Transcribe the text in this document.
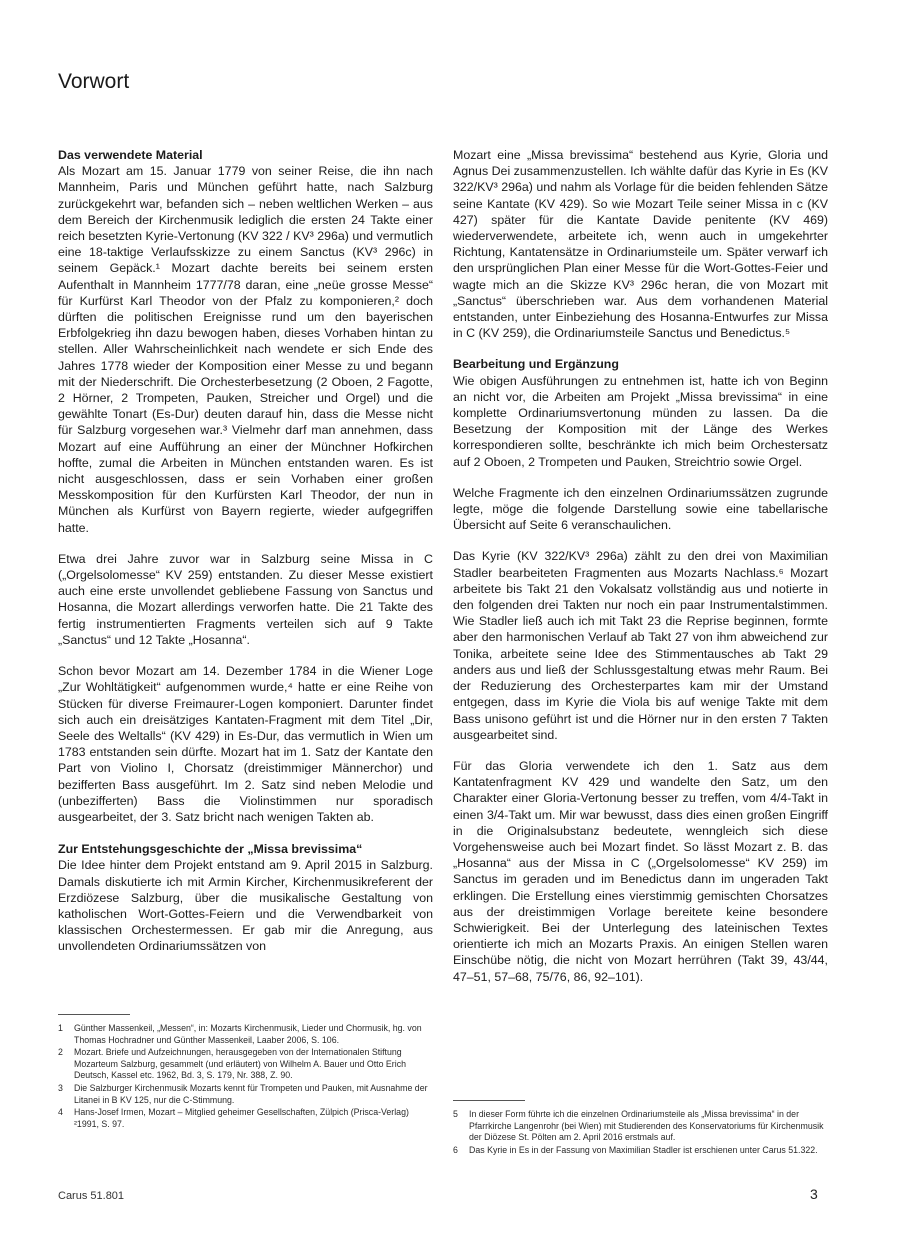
Vorwort
Das verwendete Material

Als Mozart am 15. Januar 1779 von seiner Reise, die ihn nach Mannheim, Paris und München geführt hatte, nach Salzburg zurückgekehrt war, befanden sich – neben weltlichen Werken – aus dem Bereich der Kirchenmusik lediglich die ersten 24 Takte einer reich besetzten Kyrie-Vertonung (KV 322 / KV³ 296a) und vermutlich eine 18-taktige Verlaufsskizze zu einem Sanctus (KV³ 296c) in seinem Gepäck.¹ Mozart dachte bereits bei seinem ersten Aufenthalt in Mannheim 1777/78 daran, eine „neüe grosse Messe“ für Kurfürst Karl Theodor von der Pfalz zu komponieren,² doch dürften die politischen Ereignisse rund um den bayerischen Erbfolgekrieg ihn dazu bewogen haben, dieses Vorhaben hintan zu stellen. Aller Wahrscheinlichkeit nach wendete er sich Ende des Jahres 1778 wieder der Komposition einer Messe zu und begann mit der Niederschrift. Die Orchesterbesetzung (2 Oboen, 2 Fagotte, 2 Hörner, 2 Trompeten, Pauken, Streicher und Orgel) und die gewählte Tonart (Es-Dur) deuten darauf hin, dass die Messe nicht für Salzburg vorgesehen war.³ Vielmehr darf man annehmen, dass Mozart auf eine Aufführung an einer der Münchner Hofkirchen hoffte, zumal die Arbeiten in München entstanden waren. Es ist nicht ausgeschlossen, dass er sein Vorhaben einer großen Messkomposition für den Kurfürsten Karl Theodor, der nun in München als Kurfürst von Bayern regierte, wieder aufgegriffen hatte.

Etwa drei Jahre zuvor war in Salzburg seine Missa in C („Orgelsolomesse“ KV 259) entstanden. Zu dieser Messe existiert auch eine erste unvollendet gebliebene Fassung von Sanctus und Hosanna, die Mozart allerdings verworfen hatte. Die 21 Takte des fertig instrumentierten Fragments verteilen sich auf 9 Takte „Sanctus“ und 12 Takte „Hosanna“.

Schon bevor Mozart am 14. Dezember 1784 in die Wiener Loge „Zur Wohltätigkeit“ aufgenommen wurde,⁴ hatte er eine Reihe von Stücken für diverse Freimaurer-Logen komponiert. Darunter findet sich auch ein dreisätziges Kantaten-Fragment mit dem Titel „Dir, Seele des Weltalls“ (KV 429) in Es-Dur, das vermutlich in Wien um 1783 entstanden sein dürfte. Mozart hat im 1. Satz der Kantate den Part von Violino I, Chorsatz (dreistimmiger Männerchor) und bezifferten Bass ausgeführt. Im 2. Satz sind neben Melodie und (unbezifferten) Bass die Violinstimmen nur sporadisch ausgearbeitet, der 3. Satz bricht nach wenigen Takten ab.

Zur Entstehungsgeschichte der „Missa brevissima“

Die Idee hinter dem Projekt entstand am 9. April 2015 in Salzburg. Damals diskutierte ich mit Armin Kircher, Kirchenmusikreferent der Erzdiözese Salzburg, über die musikalische Gestaltung von katholischen Wort-Gottes-Feiern und die Verwendbarkeit von klassischen Orchestermessen. Er gab mir die Anregung, aus unvollendeten Ordinariumssätzen von

Mozart eine „Missa brevissima“ bestehend aus Kyrie, Gloria und Agnus Dei zusammenzustellen. Ich wählte dafür das Kyrie in Es (KV 322/KV³ 296a) und nahm als Vorlage für die beiden fehlenden Sätze seine Kantate (KV 429). So wie Mozart Teile seiner Missa in c (KV 427) später für die Kantate Davide penitente (KV 469) wiederverwendete, arbeitete ich, wenn auch in umgekehrter Richtung, Kantatensätze in Ordinariumsteile um. Später verwarf ich den ursprünglichen Plan einer Messe für die Wort-Gottes-Feier und wagte mich an die Skizze KV³ 296c heran, die von Mozart mit „Sanctus“ überschrieben war. Aus dem vorhandenen Material entstanden, unter Einbeziehung des Hosanna-Entwurfes zur Missa in C (KV 259), die Ordinariumsteile Sanctus und Benedictus.⁵

Bearbeitung und Ergänzung

Wie obigen Ausführungen zu entnehmen ist, hatte ich von Beginn an nicht vor, die Arbeiten am Projekt „Missa brevissima“ in eine komplette Ordinariumsvertonung münden zu lassen. Da die Besetzung der Komposition mit der Länge des Werkes korrespondieren sollte, beschränkte ich mich beim Orchestersatz auf 2 Oboen, 2 Trompeten und Pauken, Streichtrio sowie Orgel.

Welche Fragmente ich den einzelnen Ordinariumssätzen zugrunde legte, möge die folgende Darstellung sowie eine tabellarische Übersicht auf Seite 6 veranschaulichen.

Das Kyrie (KV 322/KV³ 296a) zählt zu den drei von Maximilian Stadler bearbeiteten Fragmenten aus Mozarts Nachlass.⁶ Mozart arbeitete bis Takt 21 den Vokalsatz vollständig aus und notierte in den folgenden drei Takten nur noch ein paar Instrumentalstimmen. Wie Stadler ließ auch ich mit Takt 23 die Reprise beginnen, formte aber den harmonischen Verlauf ab Takt 27 von ihm abweichend zur Tonika, arbeitete seine Idee des Stimmentausches ab Takt 29 anders aus und ließ der Schlussgestaltung etwas mehr Raum. Bei der Reduzierung des Orchesterpartes kam mir der Umstand entgegen, dass im Kyrie die Viola bis auf wenige Takte mit dem Bass unisono geführt ist und die Hörner nur in den ersten 7 Takten ausgearbeitet sind.

Für das Gloria verwendete ich den 1. Satz aus dem Kantatenfragment KV 429 und wandelte den Satz, um den Charakter einer Gloria-Vertonung besser zu treffen, vom 4/4-Takt in einen 3/4-Takt um. Mir war bewusst, dass dies einen großen Eingriff in die Originalsubstanz bedeutete, wenngleich sich diese Vorgehensweise auch bei Mozart findet. So lässt Mozart z. B. das „Hosanna“ aus der Missa in C („Orgelsolomesse“ KV 259) im Sanctus im geraden und im Benedictus dann im ungeraden Takt erklingen. Die Erstellung eines vierstimmig gemischten Chorsatzes aus der dreistimmigen Vorlage bereitete keine besondere Schwierigkeit. Bei der Unterlegung des lateinischen Textes orientierte ich mich an Mozarts Praxis. An einigen Stellen waren Einschübe nötig, die nicht von Mozart herrühren (Takt 39, 43/44, 47–51, 57–68, 75/76, 86, 92–101).

1	Günther Massenkeil, „Messen“, in: Mozarts Kirchenmusik, Lieder und Chormusik, hg. von Thomas Hochradner und Günther Massenkeil, Laaber 2006, S. 106.
2	Mozart. Briefe und Aufzeichnungen, herausgegeben von der Internationalen Stiftung Mozarteum Salzburg, gesammelt (und erläutert) von Wilhelm A. Bauer und Otto Erich Deutsch, Kassel etc. 1962, Bd. 3, S. 179, Nr. 388, Z. 90.
3	Die Salzburger Kirchenmusik Mozarts kennt für Trompeten und Pauken, mit Ausnahme der Litanei in B KV 125, nur die C-Stimmung.
4	Hans-Josef Irmen, Mozart – Mitglied geheimer Gesellschaften, Zülpich (Prisca-Verlag) ²1991, S. 97.
5	In dieser Form führte ich die einzelnen Ordinariumsteile als „Missa brevissima“ in der Pfarrkirche Langenrohr (bei Wien) mit Studierenden des Konservatoriums für Kirchenmusik der Diözese St. Pölten am 2. April 2016 erstmals auf.
6	Das Kyrie in Es in der Fassung von Maximilian Stadler ist erschienen unter Carus 51.322.
Carus 51.801	3
